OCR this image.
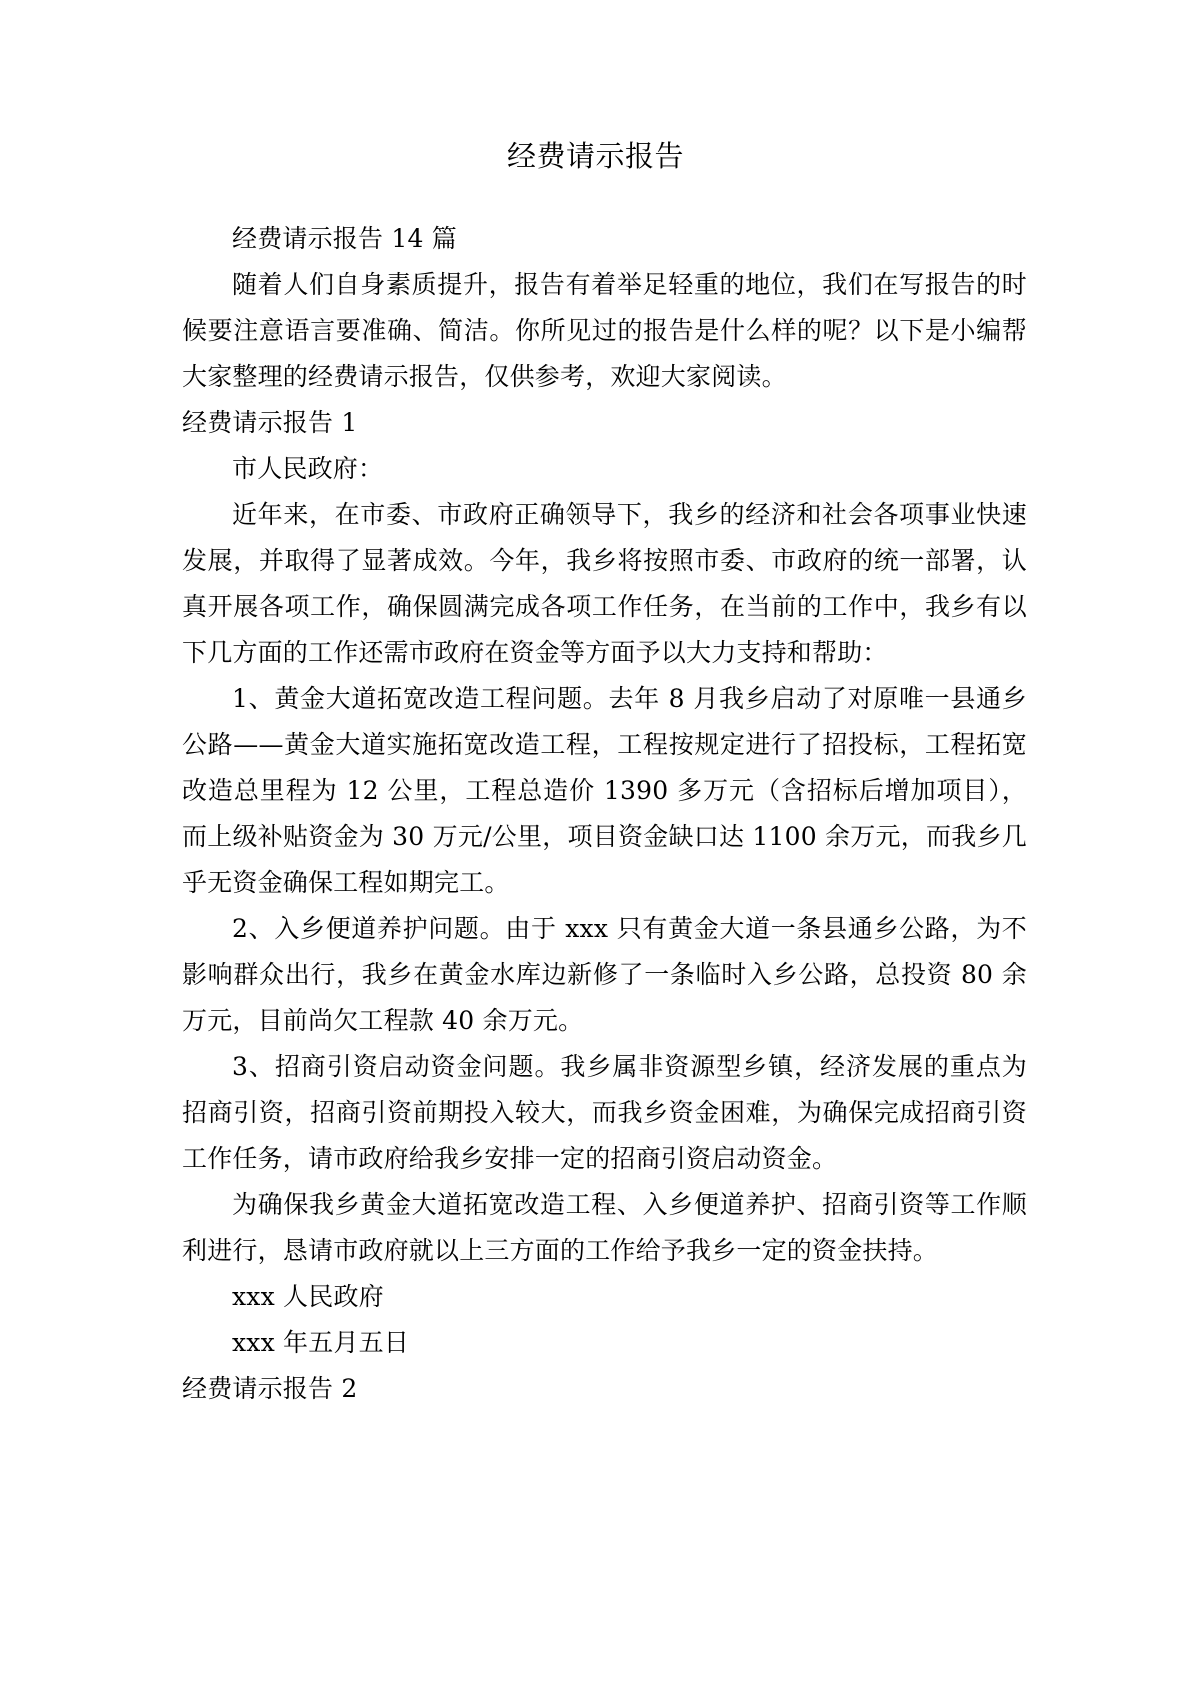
经费请示报告

经费请示报告 14 篇

随着人们自身素质提升，报告有着举足轻重的地位，我们在写报告的时候要注意语言要准确、简洁。你所见过的报告是什么样的呢？以下是小编帮大家整理的经费请示报告，仅供参考，欢迎大家阅读。

经费请示报告 1

市人民政府：

近年来，在市委、市政府正确领导下，我乡的经济和社会各项事业快速发展，并取得了显著成效。今年，我乡将按照市委、市政府的统一部署，认真开展各项工作，确保圆满完成各项工作任务，在当前的工作中，我乡有以下几方面的工作还需市政府在资金等方面予以大力支持和帮助：

1、黄金大道拓宽改造工程问题。去年 8 月我乡启动了对原唯一县通乡公路——黄金大道实施拓宽改造工程，工程按规定进行了招投标，工程拓宽改造总里程为 12 公里，工程总造价 1390 多万元（含招标后增加项目），而上级补贴资金为 30 万元/公里，项目资金缺口达 1100 余万元，而我乡几乎无资金确保工程如期完工。

2、入乡便道养护问题。由于 xxx 只有黄金大道一条县通乡公路，为不影响群众出行，我乡在黄金水库边新修了一条临时入乡公路，总投资 80 余万元，目前尚欠工程款 40 余万元。

3、招商引资启动资金问题。我乡属非资源型乡镇，经济发展的重点为招商引资，招商引资前期投入较大，而我乡资金困难，为确保完成招商引资工作任务，请市政府给我乡安排一定的招商引资启动资金。

为确保我乡黄金大道拓宽改造工程、入乡便道养护、招商引资等工作顺利进行，恳请市政府就以上三方面的工作给予我乡一定的资金扶持。

xxx 人民政府

xxx 年五月五日

经费请示报告 2
